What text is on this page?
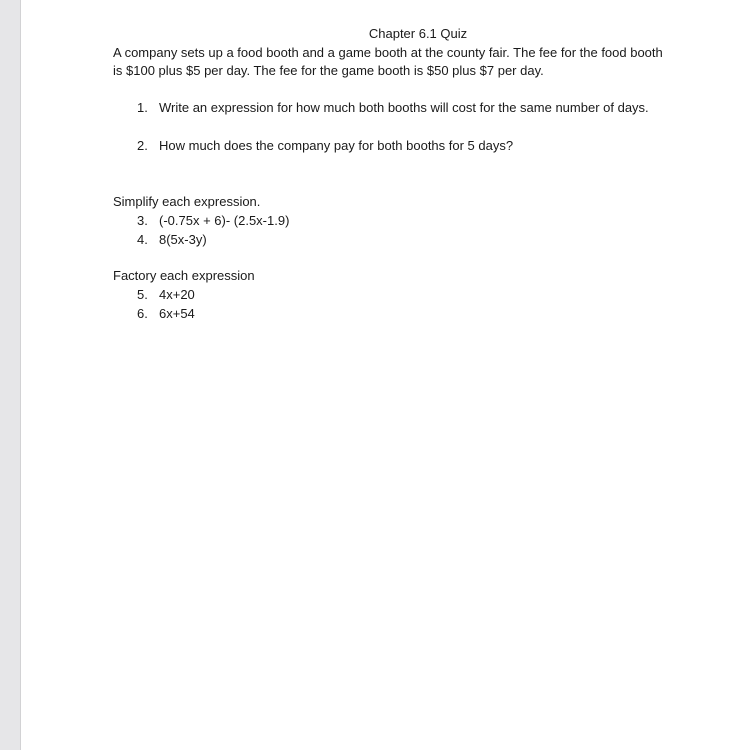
Chapter 6.1 Quiz

A company sets up a food booth and a game booth at the county fair. The fee for the food booth
is $100 plus $5 per day. The fee for the game booth is $50 plus $7 per day.

1. Write an expression for how much both booths will cost for the same number of days.
2. How much does the company pay for both booths for 5 days?

Simplify each expression.

3. (-0.75x + 6)- (2.5x-1.9)
4. 8(5x-3y)

Factory each expression

5. 4x+20
6. 6x+54
